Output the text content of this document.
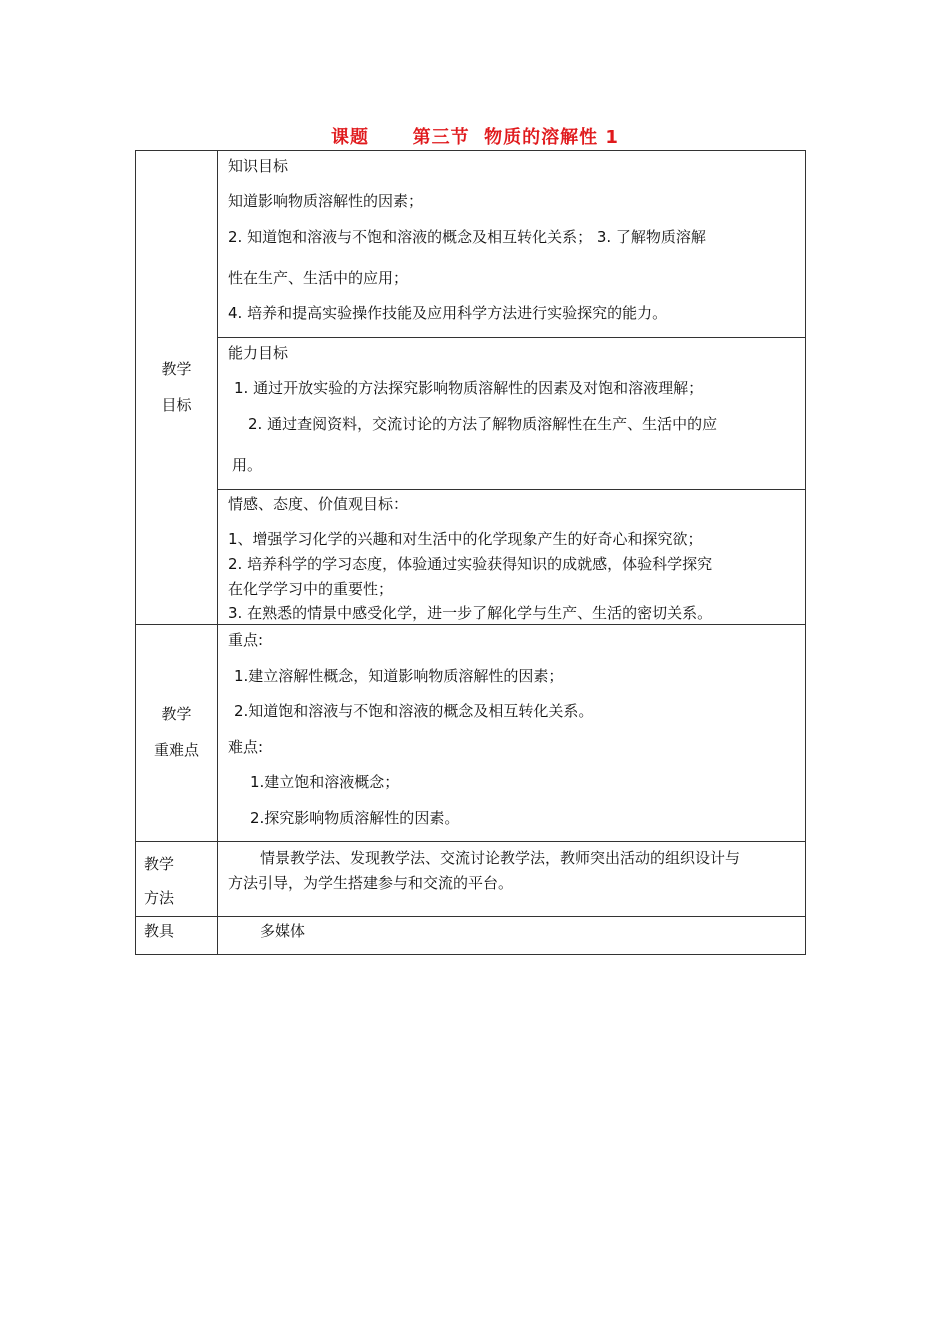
课题      第三节  物质的溶解性 1
教学
目标
知识目标
知道影响物质溶解性的因素；
2. 知道饱和溶液与不饱和溶液的概念及相互转化关系； 3. 了解物质溶解
性在生产、生活中的应用；
4. 培养和提高实验操作技能及应用科学方法进行实验探究的能力。
能力目标
1. 通过开放实验的方法探究影响物质溶解性的因素及对饱和溶液理解；
2. 通过查阅资料，交流讨论的方法了解物质溶解性在生产、生活中的应
用。
情感、态度、价值观目标：
1、增强学习化学的兴趣和对生活中的化学现象产生的好奇心和探究欲；
2. 培养科学的学习态度，体验通过实验获得知识的成就感，体验科学探究
在化学学习中的重要性；
3. 在熟悉的情景中感受化学，进一步了解化学与生产、生活的密切关系。
教学
重难点
重点:
1.建立溶解性概念，知道影响物质溶解性的因素；
2.知道饱和溶液与不饱和溶液的概念及相互转化关系。
难点:
1.建立饱和溶液概念；
2.探究影响物质溶解性的因素。
教学
方法
情景教学法、发现教学法、交流讨论教学法，教师突出活动的组织设计与
方法引导，为学生搭建参与和交流的平台。
教具	多媒体
